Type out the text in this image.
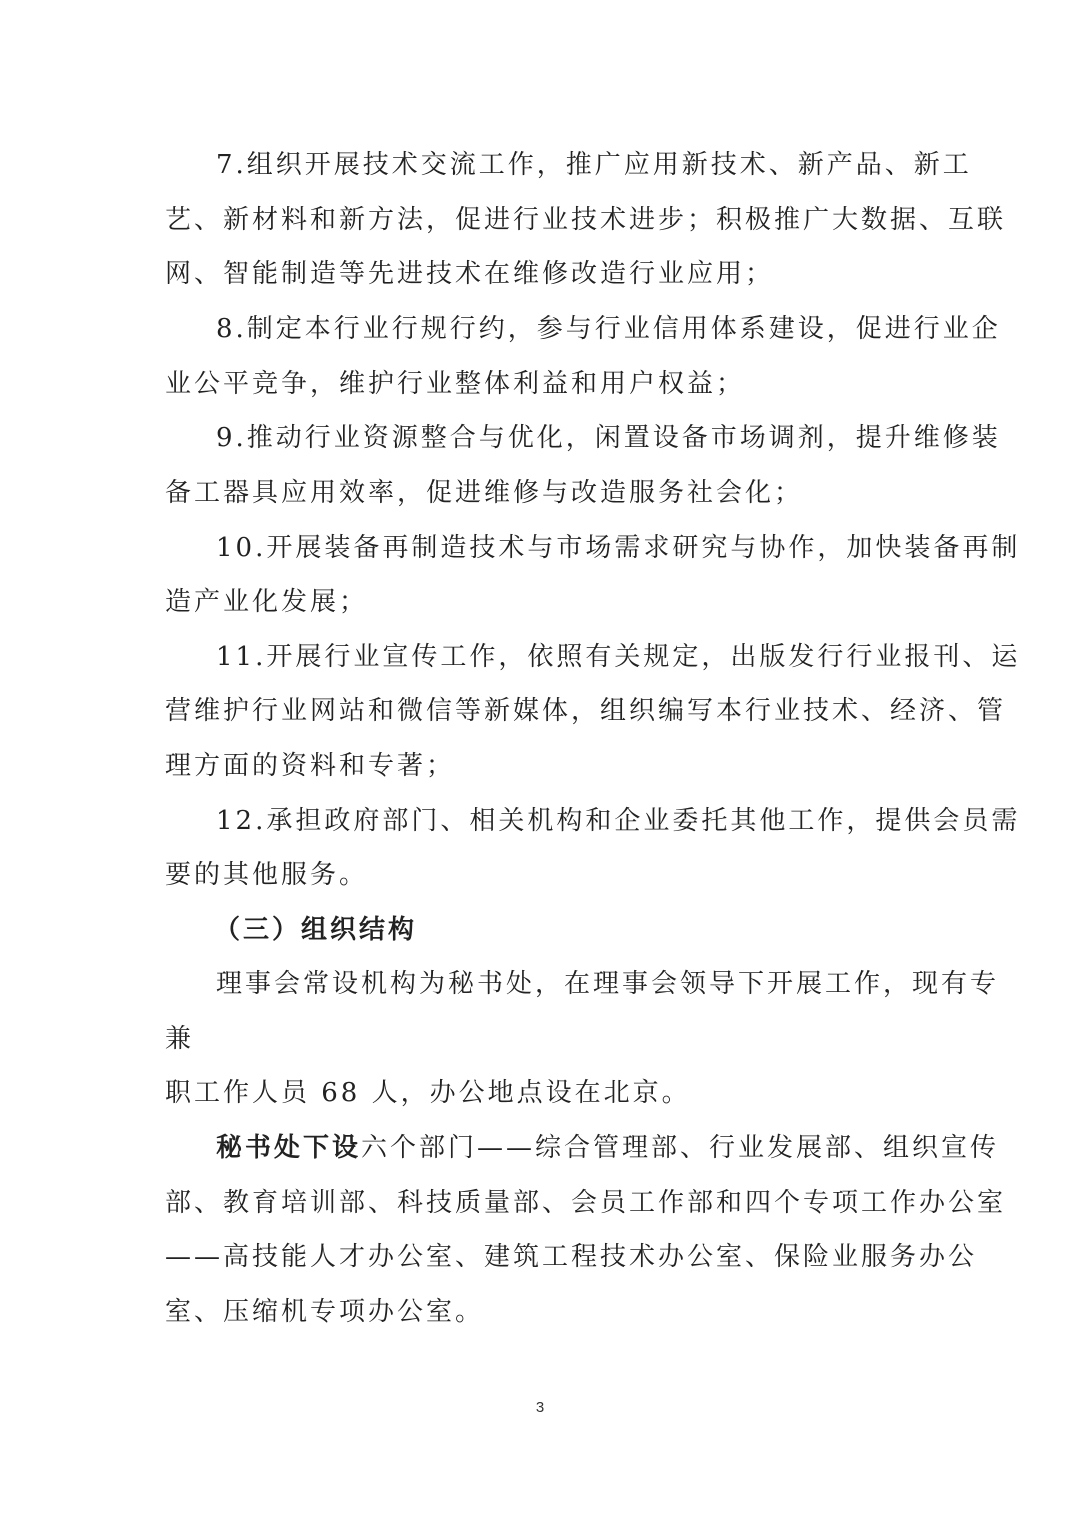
7.组织开展技术交流工作，推广应用新技术、新产品、新工
艺、新材料和新方法，促进行业技术进步；积极推广大数据、互联
网、智能制造等先进技术在维修改造行业应用；
8.制定本行业行规行约，参与行业信用体系建设，促进行业企
业公平竞争，维护行业整体利益和用户权益；
9.推动行业资源整合与优化，闲置设备市场调剂，提升维修装
备工器具应用效率，促进维修与改造服务社会化；
10.开展装备再制造技术与市场需求研究与协作，加快装备再制
造产业化发展；
11.开展行业宣传工作，依照有关规定，出版发行行业报刊、运
营维护行业网站和微信等新媒体，组织编写本行业技术、经济、管
理方面的资料和专著；
12.承担政府部门、相关机构和企业委托其他工作，提供会员需
要的其他服务。
（三）组织结构
理事会常设机构为秘书处，在理事会领导下开展工作，现有专
兼
职工作人员 68 人，办公地点设在北京。
秘书处下设六个部门——综合管理部、行业发展部、组织宣传
部、教育培训部、科技质量部、会员工作部和四个专项工作办公室
——高技能人才办公室、建筑工程技术办公室、保险业服务办公
室、压缩机专项办公室。
3
